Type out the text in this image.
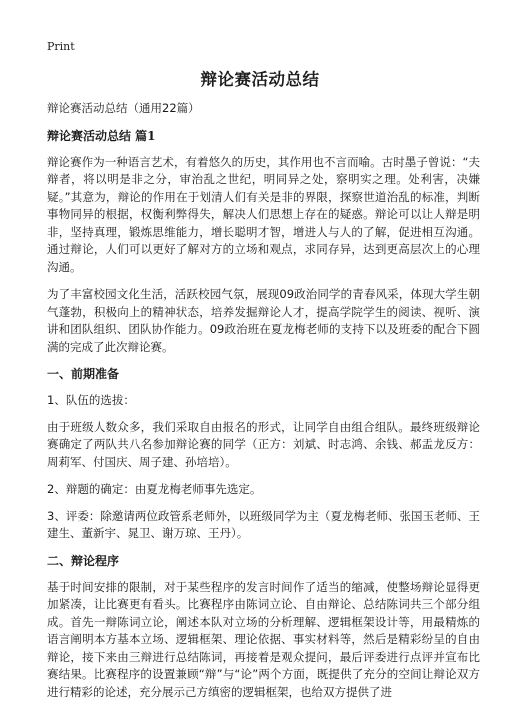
Print
辩论赛活动总结

辩论赛活动总结（通用22篇）

辩论赛活动总结 篇1

辩论赛作为一种语言艺术，有着悠久的历史，其作用也不言而喻。古时墨子曾说：“夫辩者，将以明是非之分，审治乱之世纪，明同异之处，察明实之理。处利害，决嫌疑。”其意为，辩论的作用在于划清人们有关是非的界限，探察世道治乱的标准，判断事物同异的根据，权衡利弊得失，解决人们思想上存在的疑惑。辩论可以让人辩是明非，坚持真理，锻炼思维能力，增长聪明才智，增进人与人的了解，促进相互沟通。通过辩论，人们可以更好了解对方的立场和观点，求同存异，达到更高层次上的心理沟通。

为了丰富校园文化生活，活跃校园气氛，展现09政治同学的青春风采，体现大学生朝气蓬勃，积极向上的精神状态，培养发掘辩论人才，提高学院学生的阅读、视听、演讲和团队组织、团队协作能力。09政治班在夏龙梅老师的支持下以及班委的配合下圆满的完成了此次辩论赛。

一、前期准备

1、队伍的选拔：

由于班级人数众多，我们采取自由报名的形式，让同学自由组合组队。最终班级辩论赛确定了两队共八名参加辩论赛的同学（正方：刘斌、时志鸿、余钱、郝盂龙反方：周莉军、付国庆、周子建、孙培培）。

2、辩题的确定：由夏龙梅老师事先选定。

3、评委：除邀请两位政管系老师外，以班级同学为主（夏龙梅老师、张国玉老师、王建生、董新宇、晁卫、谢万琼、王丹）。

二、辩论程序

基于时间安排的限制，对于某些程序的发言时间作了适当的缩减，使整场辩论显得更加紧凑，让比赛更有看头。比赛程序由陈词立论、自由辩论、总结陈词共三个部分组成。首先一辩陈词立论，阐述本队对立场的分析理解、逻辑框架设计等，用最精炼的语言阐明本方基本立场、逻辑框架、理论依据、事实材料等，然后是精彩纷呈的自由辩论，接下来由三辩进行总结陈词，再接着是观众提问，最后评委进行点评并宣布比赛结果。比赛程序的设置兼顾“辩”与“论”两个方面，既提供了充分的空间让辩论双方进行精彩的论述，充分展示己方缜密的逻辑框架，也给双方提供了进
